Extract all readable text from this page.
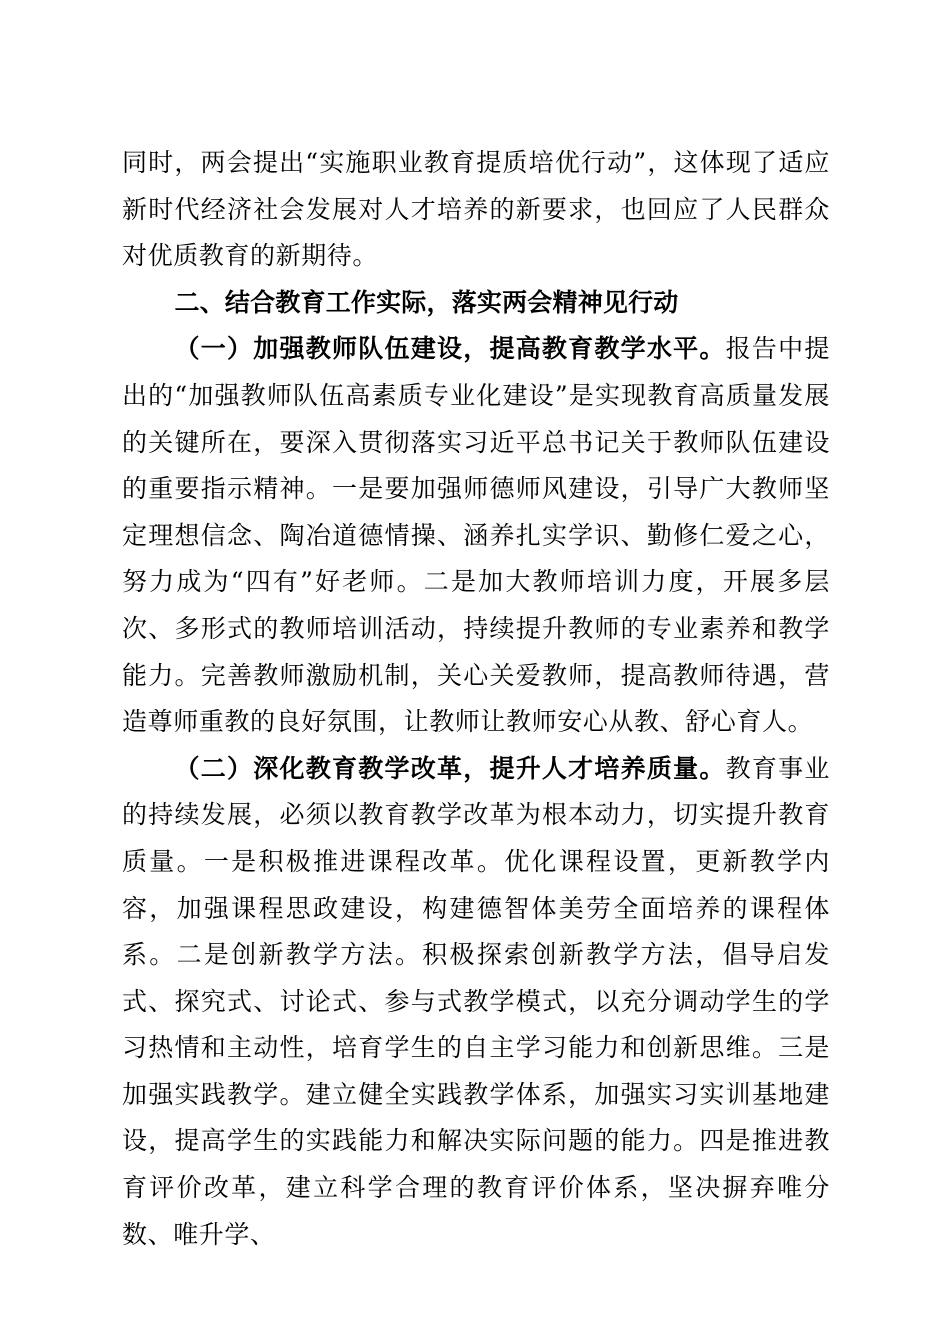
同时，两会提出“实施职业教育提质培优行动”，这体现了适应新时代经济社会发展对人才培养的新要求，也回应了人民群众对优质教育的新期待。

二、结合教育工作实际，落实两会精神见行动

（一）加强教师队伍建设，提高教育教学水平。报告中提出的“加强教师队伍高素质专业化建设”是实现教育高质量发展的关键所在，要深入贯彻落实习近平总书记关于教师队伍建设的重要指示精神。一是要加强师德师风建设，引导广大教师坚定理想信念、陶冶道德情操、涵养扎实学识、勤修仁爱之心，努力成为“四有”好老师。二是加大教师培训力度，开展多层次、多形式的教师培训活动，持续提升教师的专业素养和教学能力。完善教师激励机制，关心关爱教师，提高教师待遇，营造尊师重教的良好氛围，让教师让教师安心从教、舒心育人。

（二）深化教育教学改革，提升人才培养质量。教育事业的持续发展，必须以教育教学改革为根本动力，切实提升教育质量。一是积极推进课程改革。优化课程设置，更新教学内容，加强课程思政建设，构建德智体美劳全面培养的课程体系。二是创新教学方法。积极探索创新教学方法，倡导启发式、探究式、讨论式、参与式教学模式，以充分调动学生的学习热情和主动性，培育学生的自主学习能力和创新思维。三是加强实践教学。建立健全实践教学体系，加强实习实训基地建设，提高学生的实践能力和解决实际问题的能力。四是推进教育评价改革，建立科学合理的教育评价体系，坚决摒弃唯分数、唯升学、
